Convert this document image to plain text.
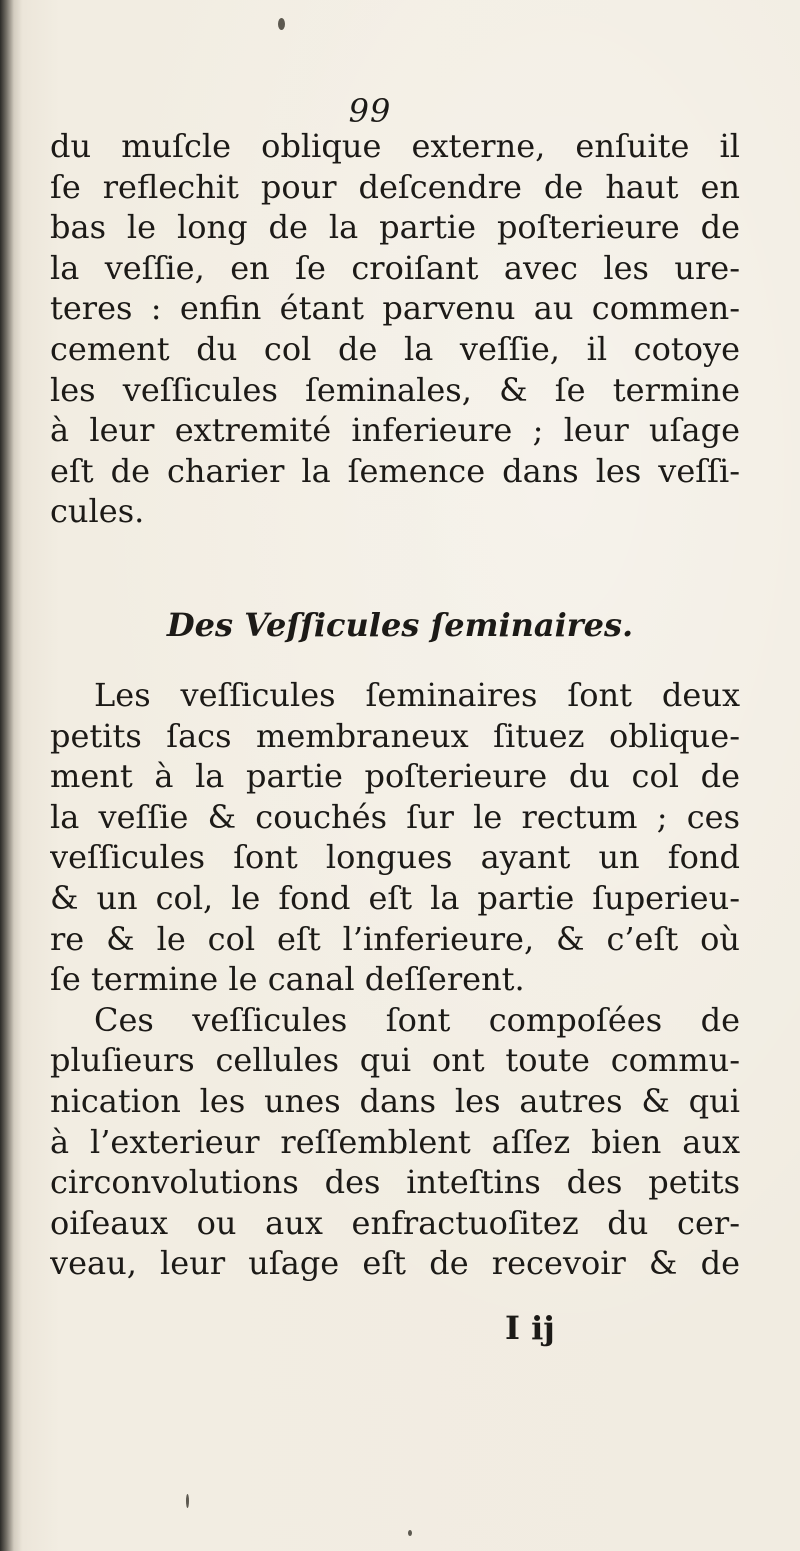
99
du muſcle oblique externe, enſuite il
ſe reflechit pour deſcendre de haut en
bas le long de la partie poſterieure de
la veſſie, en ſe croiſant avec les ure-
teres : enfin étant parvenu au commen-
cement du col de la veſſie, il cotoye
les veſſicules ſeminales, & ſe termine
à leur extremité inferieure ; leur uſage
eſt de charier la ſemence dans les veſſi-
cules.
Des Veſſicules ſeminaires.
Les veſſicules ſeminaires ſont deux
petits ſacs membraneux ſituez oblique-
ment à la partie poſterieure du col de
la veſſie & couchés ſur le rectum ; ces
veſſicules ſont longues ayant un fond
& un col, le fond eſt la partie ſuperieu-
re & le col eſt l’inferieure, & c’eſt où
ſe termine le canal deſſerent.
Ces veſſicules ſont compoſées de
pluſieurs cellules qui ont toute commu-
nication les unes dans les autres & qui
à l’exterieur reſſemblent aſſez bien aux
circonvolutions des inteſtins des petits
oiſeaux ou aux enfractuoſitez du cer-
veau, leur uſage eſt de recevoir & de
I ij
